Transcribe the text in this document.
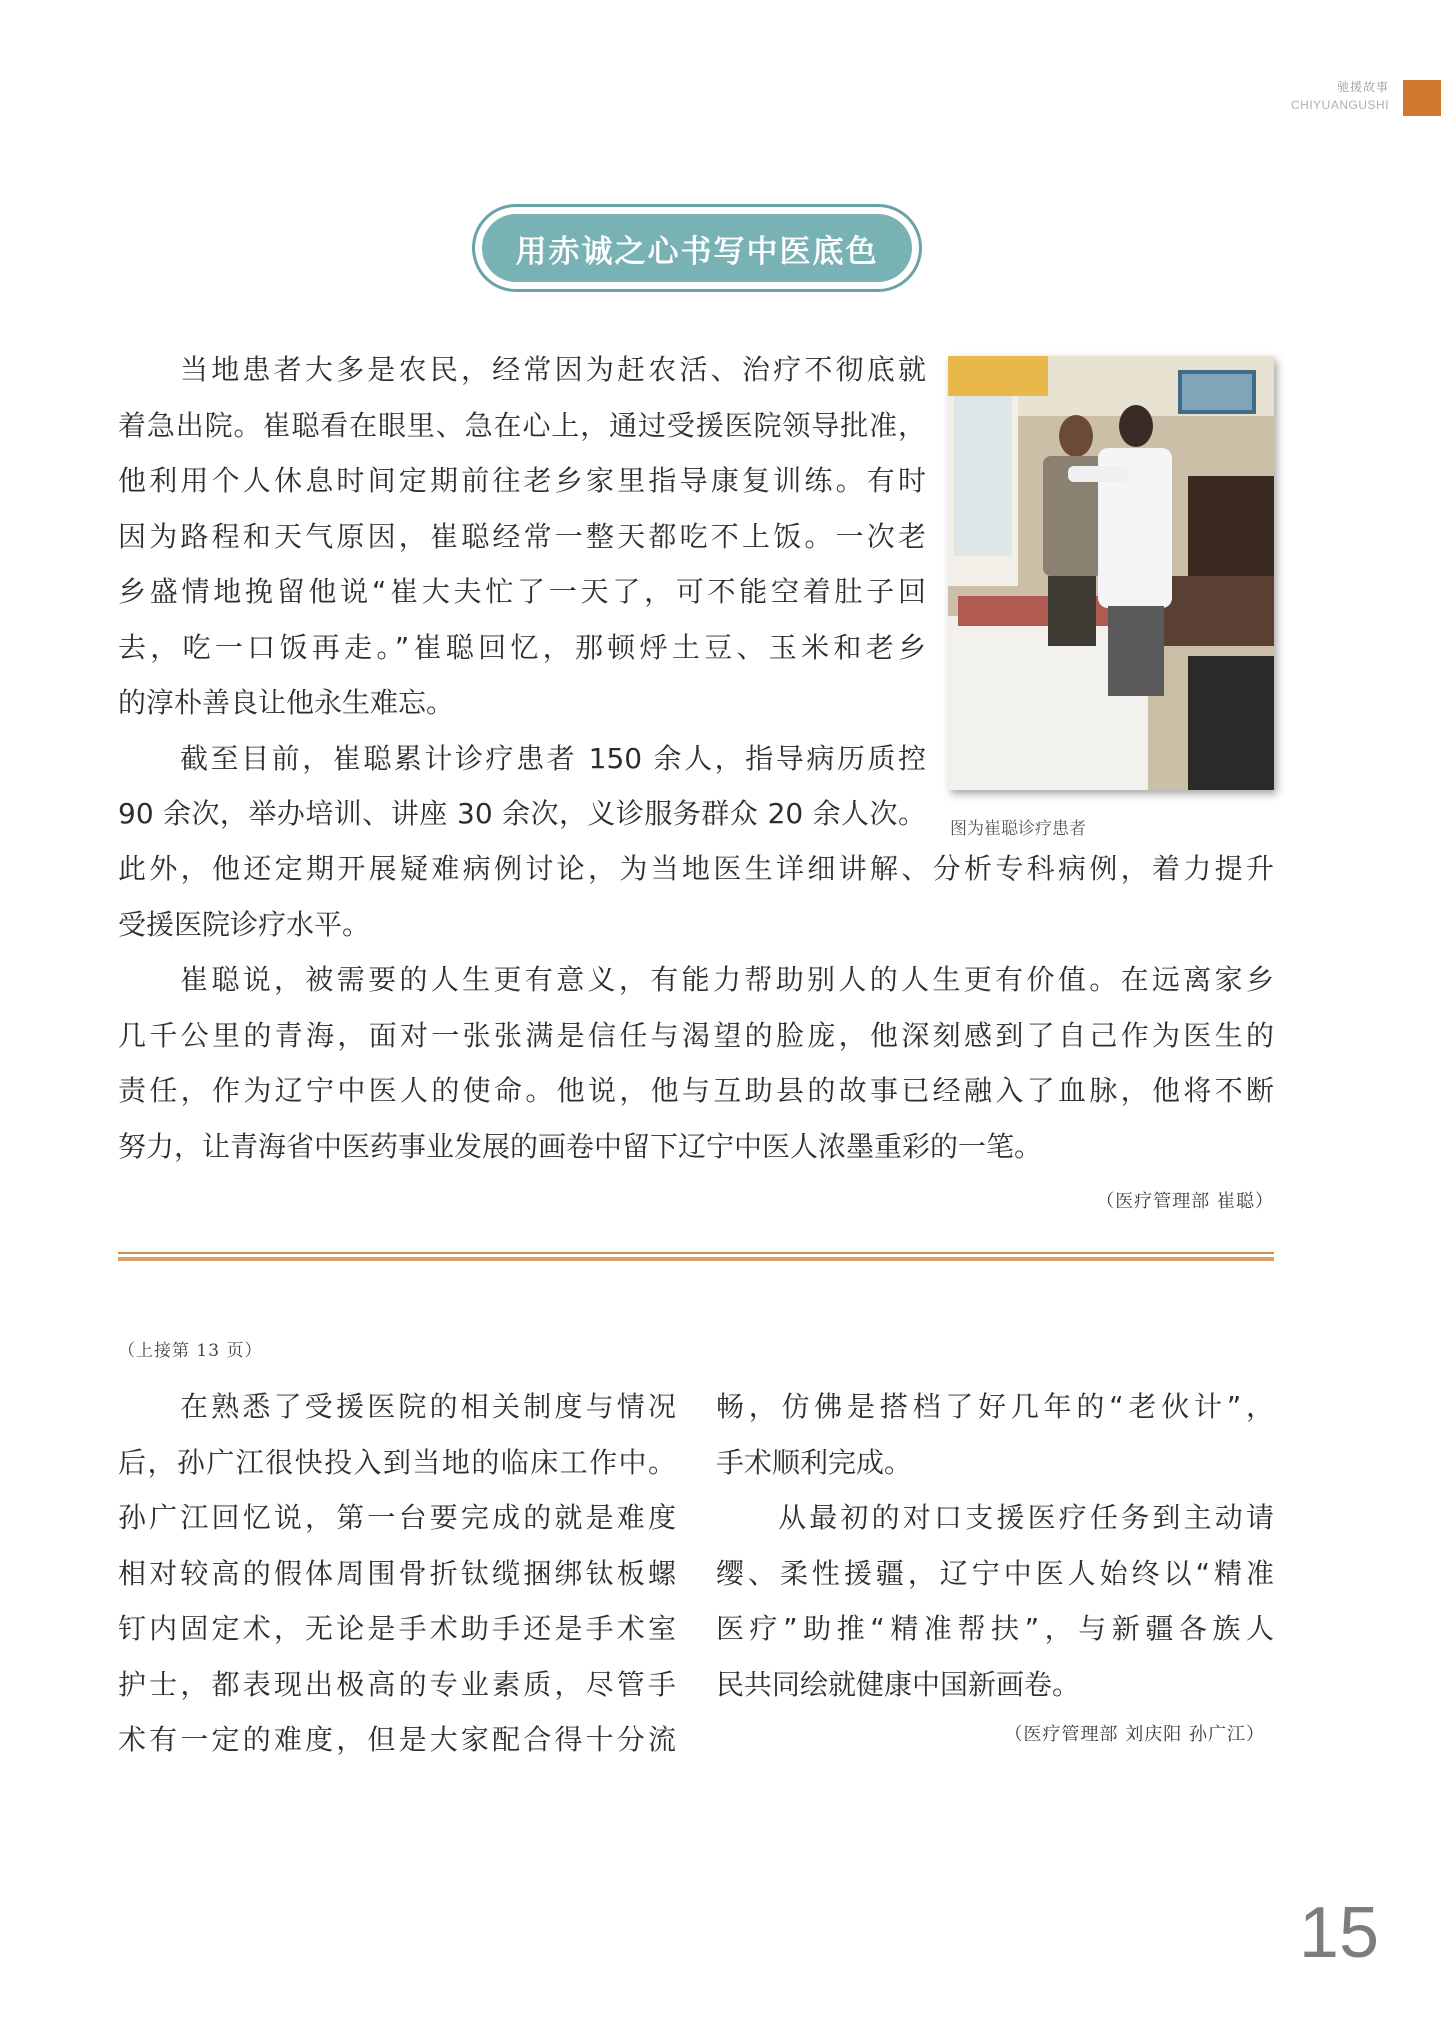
驰援故事
CHIYUANGUSHI
用赤诚之心书写中医底色

当地患者大多是农民，经常因为赶农活、治疗不彻底就

着急出院。崔聪看在眼里、急在心上，通过受援医院领导批准，

他利用个人休息时间定期前往老乡家里指导康复训练。有时

因为路程和天气原因，崔聪经常一整天都吃不上饭。一次老

乡盛情地挽留他说“崔大夫忙了一天了，可不能空着肚子回

去，吃一口饭再走。”崔聪回忆，那顿烀土豆、玉米和老乡

的淳朴善良让他永生难忘。

截至目前，崔聪累计诊疗患者 150 余人，指导病历质控

90 余次，举办培训、讲座 30 余次，义诊服务群众 20 余人次。 图为崔聪诊疗患者

此外，他还定期开展疑难病例讨论，为当地医生详细讲解、分析专科病例，着力提升

受援医院诊疗水平。

崔聪说，被需要的人生更有意义，有能力帮助别人的人生更有价值。在远离家乡

几千公里的青海，面对一张张满是信任与渴望的脸庞，他深刻感到了自己作为医生的

责任，作为辽宁中医人的使命。他说，他与互助县的故事已经融入了血脉，他将不断

努力，让青海省中医药事业发展的画卷中留下辽宁中医人浓墨重彩的一笔。

（医疗管理部 崔聪）
（上接第 13 页）

在熟悉了受援医院的相关制度与情况

后，孙广江很快投入到当地的临床工作中。

孙广江回忆说，第一台要完成的就是难度

相对较高的假体周围骨折钛缆捆绑钛板螺

钉内固定术，无论是手术助手还是手术室

护士，都表现出极高的专业素质，尽管手

术有一定的难度，但是大家配合得十分流

畅，仿佛是搭档了好几年的“老伙计”，

手术顺利完成。

从最初的对口支援医疗任务到主动请

缨、柔性援疆，辽宁中医人始终以“精准

医疗”助推“精准帮扶”，与新疆各族人

民共同绘就健康中国新画卷。

（医疗管理部 刘庆阳 孙广江）
15
